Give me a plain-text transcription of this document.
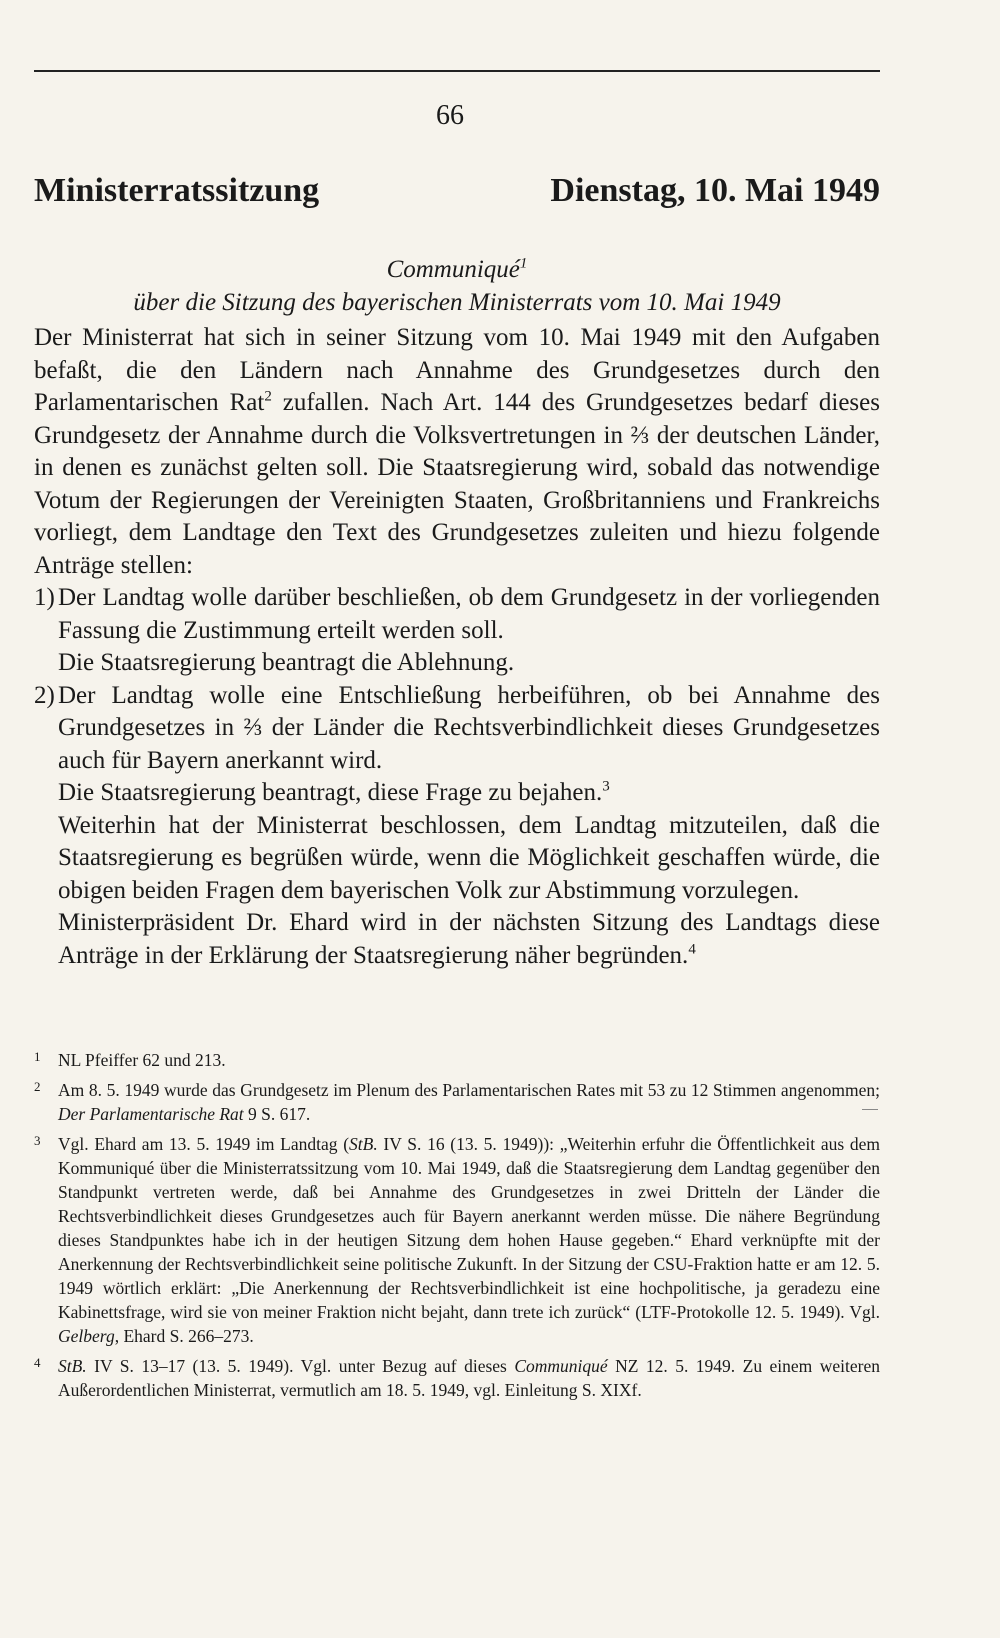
66
Ministerratssitzung	Dienstag, 10. Mai 1949
Communiqué$^1$
über die Sitzung des bayerischen Ministerrats vom 10. Mai 1949

Der Ministerrat hat sich in seiner Sitzung vom 10. Mai 1949 mit den Aufgaben befaßt, die den Ländern nach Annahme des Grundgesetzes durch den Parlamentarischen Rat$^2$ zufallen. Nach Art. 144 des Grundgesetzes bedarf dieses Grundgesetz der Annahme durch die Volksvertretungen in ⅔ der deutschen Länder, in denen es zunächst gelten soll. Die Staatsregierung wird, sobald das notwendige Votum der Regierungen der Vereinigten Staaten, Großbritanniens und Frankreichs vorliegt, dem Landtage den Text des Grundgesetzes zuleiten und hiezu folgende Anträge stellen:

1) Der Landtag wolle darüber beschließen, ob dem Grundgesetz in der vorliegenden Fassung die Zustimmung erteilt werden soll.

Die Staatsregierung beantragt die Ablehnung.

2) Der Landtag wolle eine Entschließung herbeiführen, ob bei Annahme des Grundgesetzes in ⅔ der Länder die Rechtsverbindlichkeit dieses Grundgesetzes auch für Bayern anerkannt wird.

Die Staatsregierung beantragt, diese Frage zu bejahen.$^3$

Weiterhin hat der Ministerrat beschlossen, dem Landtag mitzuteilen, daß die Staatsregierung es begrüßen würde, wenn die Möglichkeit geschaffen würde, die obigen beiden Fragen dem bayerischen Volk zur Abstimmung vorzulegen.

Ministerpräsident Dr. Ehard wird in der nächsten Sitzung des Landtags diese Anträge in der Erklärung der Staatsregierung näher begründen.$^4$

1	NL Pfeiffer 62 und 213.
2	Am 8. 5. 1949 wurde das Grundgesetz im Plenum des Parlamentarischen Rates mit 53 zu 12 Stimmen angenommen; Der Parlamentarische Rat 9 S. 617.
3	Vgl. Ehard am 13. 5. 1949 im Landtag (StB. IV S. 16 (13. 5. 1949)): „Weiterhin erfuhr die Öffentlichkeit aus dem Kommuniqué über die Ministerratssitzung vom 10. Mai 1949, daß die Staatsregierung dem Landtag gegenüber den Standpunkt vertreten werde, daß bei Annahme des Grundgesetzes in zwei Dritteln der Länder die Rechtsverbindlichkeit dieses Grundgesetzes auch für Bayern anerkannt werden müsse. Die nähere Begründung dieses Standpunktes habe ich in der heutigen Sitzung dem hohen Hause gegeben.“ Ehard verknüpfte mit der Anerkennung der Rechtsverbindlichkeit seine politische Zukunft. In der Sitzung der CSU-Fraktion hatte er am 12. 5. 1949 wörtlich erklärt: „Die Anerkennung der Rechtsverbindlichkeit ist eine hochpolitische, ja geradezu eine Kabinettsfrage, wird sie von meiner Fraktion nicht bejaht, dann trete ich zurück“ (LTF-Protokolle 12. 5. 1949). Vgl. Gelberg, Ehard S. 266–273.
4	StB. IV S. 13–17 (13. 5. 1949). Vgl. unter Bezug auf dieses Communiqué NZ 12. 5. 1949. Zu einem weiteren Außerordentlichen Ministerrat, vermutlich am 18. 5. 1949, vgl. Einleitung S. XIXf.
